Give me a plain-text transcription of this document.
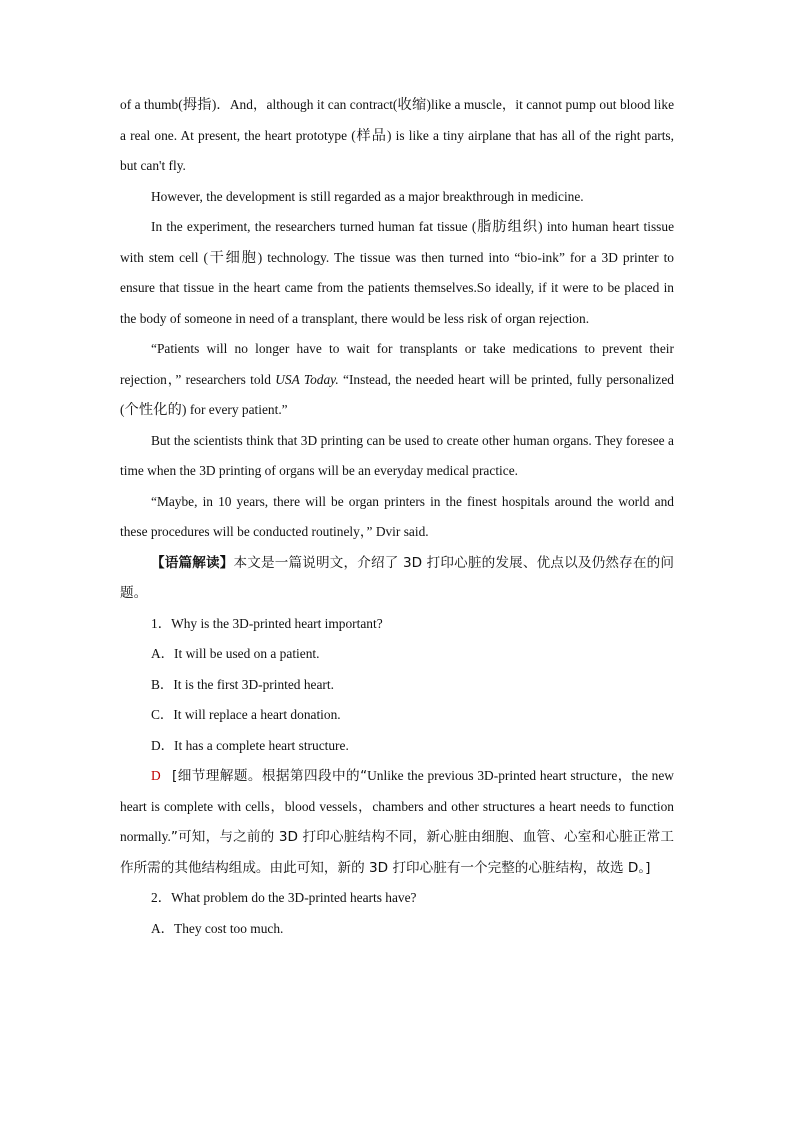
of a thumb(拇指)．And，although it can contract(收缩)like a muscle，it cannot pump out blood like a real one. At present, the heart prototype (样品) is like a tiny airplane that has all of the right parts, but can't fly.

However, the development is still regarded as a major breakthrough in medicine.

In the experiment, the researchers turned human fat tissue (脂肪组织) into human heart tissue with stem cell (干细胞) technology. The tissue was then turned into “bio-ink” for a 3D printer to ensure that tissue in the heart came from the patients themselves.So ideally, if it were to be placed in the body of someone in need of a transplant, there would be less risk of organ rejection.

“Patients will no longer have to wait for transplants or take medications to prevent their rejection，” researchers told USA Today. “Instead, the needed heart will be printed, fully personalized (个性化的) for every patient.”

But the scientists think that 3D printing can be used to create other human organs. They foresee a time when the 3D printing of organs will be an everyday medical practice.

“Maybe, in 10 years, there will be organ printers in the finest hospitals around the world and these procedures will be conducted routinely，” Dvir said.

【语篇解读】本文是一篇说明文，介绍了 3D 打印心脏的发展、优点以及仍然存在的问题。

1．Why is the 3D-printed heart important?

A．It will be used on a patient.

B．It is the first 3D-printed heart.

C．It will replace a heart donation.

D．It has a complete heart structure.

D [细节理解题。根据第四段中的“Unlike the previous 3D-printed heart structure，the new heart is complete with cells，blood vessels，chambers and other structures a heart needs to function normally.”可知，与之前的 3D 打印心脏结构不同，新心脏由细胞、血管、心室和心脏正常工作所需的其他结构组成。由此可知，新的 3D 打印心脏有一个完整的心脏结构，故选 D。]

2．What problem do the 3D-printed hearts have?

A．They cost too much.
